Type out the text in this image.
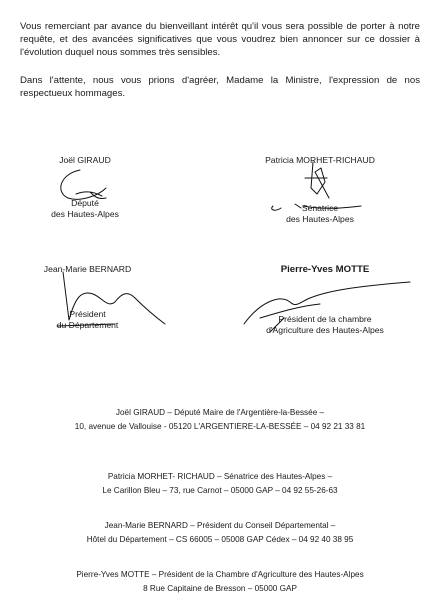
Vous remerciant par avance du bienveillant intérêt qu'il vous sera possible de porter à notre requête, et des avancées significatives que vous voudrez bien annoncer sur ce dossier à l'évolution duquel nous sommes très sensibles.
Dans l'attente, nous vous prions d'agréer, Madame la Ministre, l'expression de nos respectueux hommages.
Joël GIRAUD
Député
des Hautes-Alpes
Patricia MORHET-RICHAUD
Sénatrice
des Hautes-Alpes
Jean-Marie BERNARD
Président
du Département
Pierre-Yves MOTTE
Président de la chambre
d'Agriculture des Hautes-Alpes
Joël GIRAUD – Député Maire de l'Argentière-la-Bessée –
10, avenue de Vallouise - 05120 L'ARGENTIERE-LA-BESSÉE – 04 92 21 33 81
Patricia MORHET- RICHAUD – Sénatrice des Hautes-Alpes –
Le Carillon Bleu – 73, rue Carnot – 05000 GAP – 04 92 55-26-63
Jean-Marie BERNARD – Président du Conseil Départemental –
Hôtel du Département – CS 66005 – 05008 GAP Cédex – 04 92 40 38 95
Pierre-Yves MOTTE – Président de la Chambre d'Agriculture des Hautes-Alpes
8 Rue Capitaine de Bresson – 05000 GAP
